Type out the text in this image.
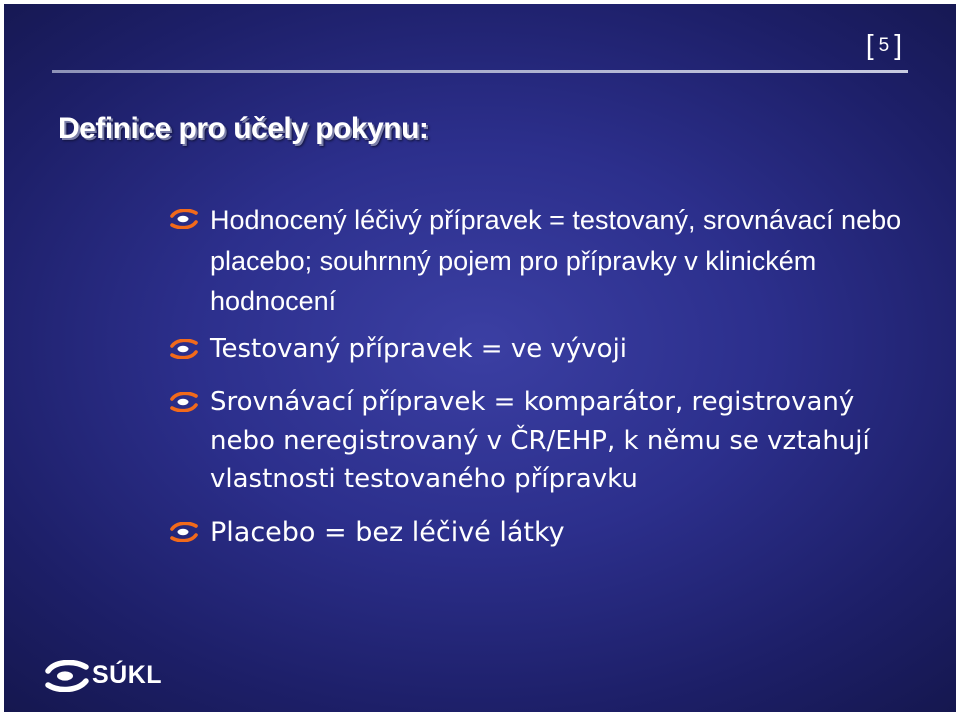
[ 5 ]
Definice pro účely pokynu:
Hodnocený léčivý přípravek = testovaný, srovnávací nebo placebo; souhrnný pojem pro přípravky v klinickém hodnocení
Testovaný přípravek = ve vývoji
Srovnávací přípravek = komparátor, registrovaný nebo neregistrovaný v ČR/EHP, k němu se vztahují vlastnosti testovaného přípravku
Placebo = bez léčivé látky
SÚKL
